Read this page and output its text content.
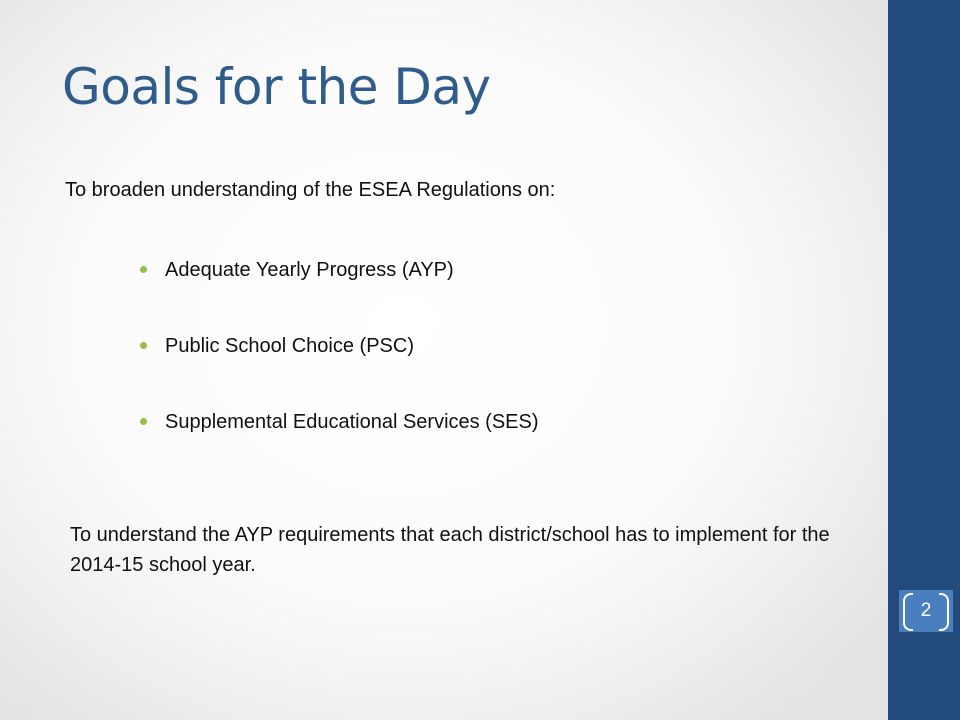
Goals for the Day
To broaden understanding of the ESEA Regulations on:
Adequate Yearly Progress (AYP)
Public School Choice (PSC)
Supplemental Educational Services (SES)
To understand the AYP requirements that each district/school has to implement for the 2014-15 school year.
2
